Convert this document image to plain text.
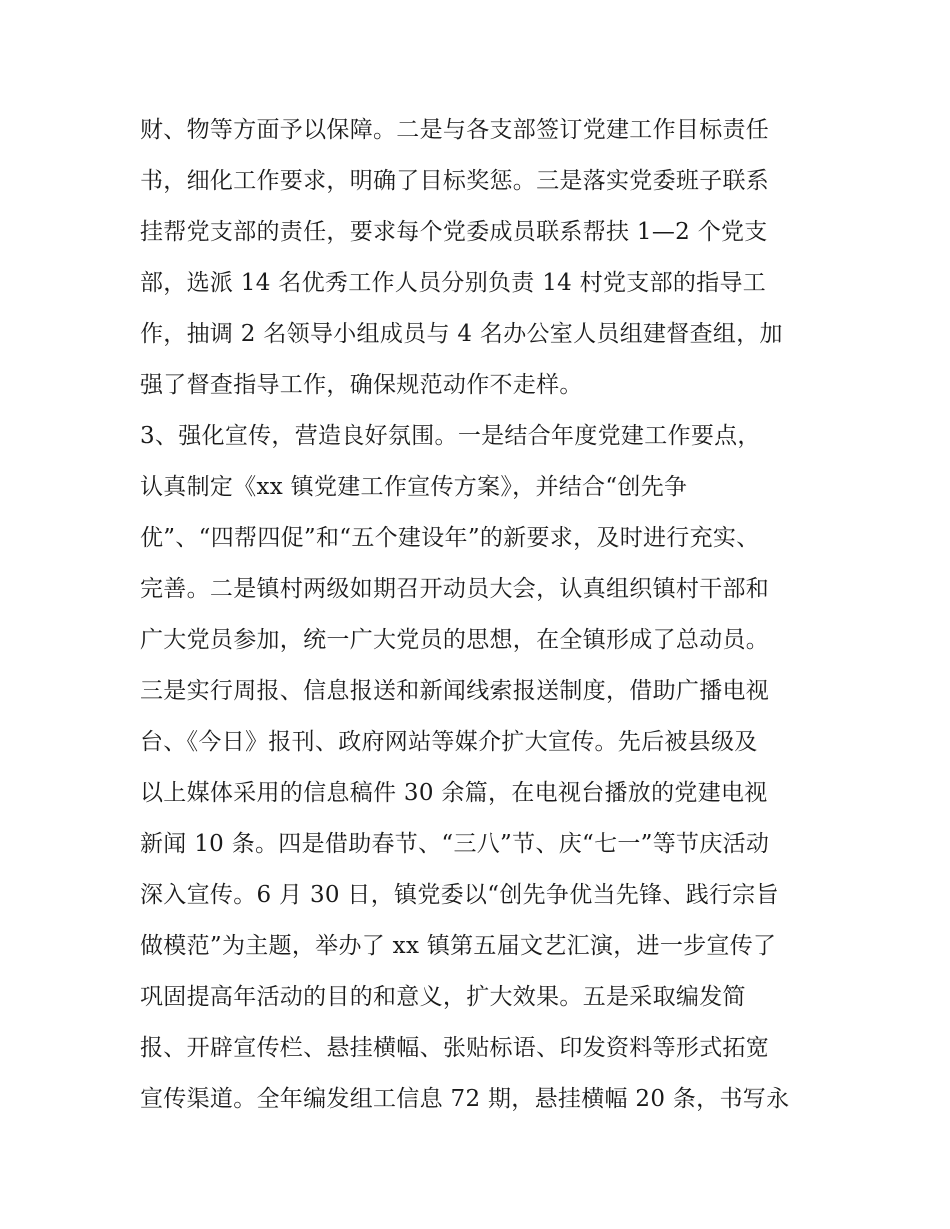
财、物等方面予以保障。二是与各支部签订党建工作目标责任
书，细化工作要求，明确了目标奖惩。三是落实党委班子联系
挂帮党支部的责任，要求每个党委成员联系帮扶 1—2 个党支
部，选派 14 名优秀工作人员分别负责 14 村党支部的指导工
作，抽调 2 名领导小组成员与 4 名办公室人员组建督查组，加
强了督查指导工作，确保规范动作不走样。
3、强化宣传，营造良好氛围。一是结合年度党建工作要点，
认真制定《xx 镇党建工作宣传方案》，并结合“创先争
优”、“四帮四促”和“五个建设年”的新要求，及时进行充实、
完善。二是镇村两级如期召开动员大会，认真组织镇村干部和
广大党员参加，统一广大党员的思想，在全镇形成了总动员。
三是实行周报、信息报送和新闻线索报送制度，借助广播电视
台、《今日》报刊、政府网站等媒介扩大宣传。先后被县级及
以上媒体采用的信息稿件 30 余篇，在电视台播放的党建电视
新闻 10 条。四是借助春节、“三八”节、庆“七一”等节庆活动
深入宣传。6 月 30 日，镇党委以“创先争优当先锋、践行宗旨
做模范”为主题，举办了 xx 镇第五届文艺汇演，进一步宣传了
巩固提高年活动的目的和意义，扩大效果。五是采取编发简
报、开辟宣传栏、悬挂横幅、张贴标语、印发资料等形式拓宽
宣传渠道。全年编发组工信息 72 期，悬挂横幅 20 条，书写永
